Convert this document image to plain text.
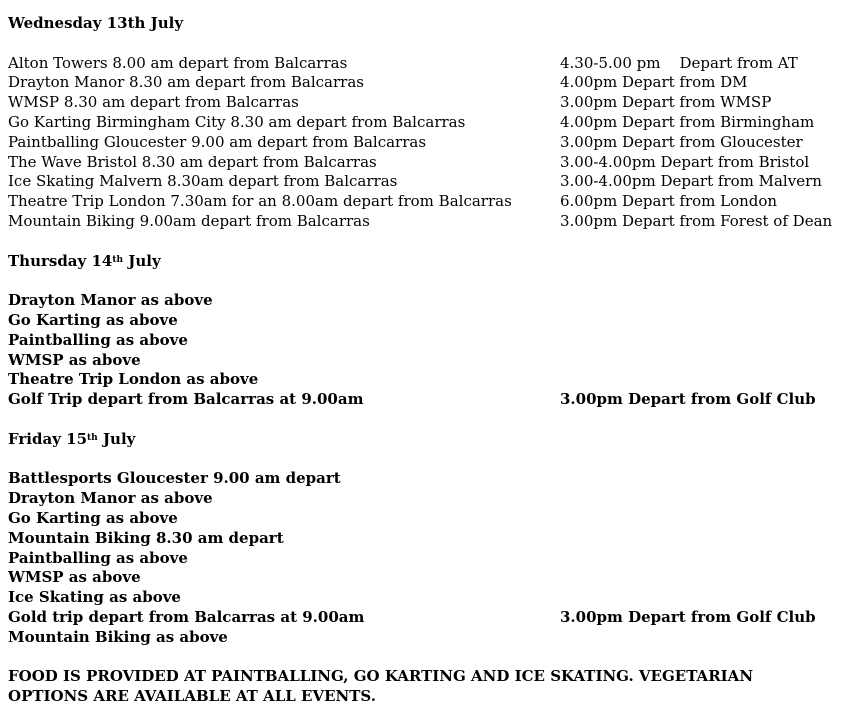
Wednesday 13th July
Alton Towers 8.00 am depart from Balcarras	4.30-5.00 pm    Depart from AT
Drayton Manor 8.30 am depart from Balcarras	4.00pm Depart from DM
WMSP 8.30 am depart from Balcarras	3.00pm Depart from WMSP
Go Karting Birmingham City 8.30 am depart from Balcarras	4.00pm Depart from Birmingham
Paintballing Gloucester 9.00 am depart from Balcarras	3.00pm Depart from Gloucester
The Wave Bristol 8.30 am depart from Balcarras	3.00-4.00pm Depart from Bristol
Ice Skating Malvern 8.30am depart from Balcarras	3.00-4.00pm Depart from Malvern
Theatre Trip London 7.30am for an 8.00am depart from Balcarras	6.00pm Depart from London
Mountain Biking 9.00am depart from Balcarras	3.00pm Depart from Forest of Dean
Thursday 14th July
Drayton Manor as above
Go Karting as above
Paintballing as above
WMSP as above
Theatre Trip London as above
Golf Trip depart from Balcarras at 9.00am	3.00pm Depart from Golf Club
Friday 15th July
Battlesports Gloucester 9.00 am depart
Drayton Manor as above
Go Karting as above
Mountain Biking 8.30 am depart
Paintballing as above
WMSP as above
Ice Skating as above
Gold trip depart from Balcarras at 9.00am	3.00pm Depart from Golf Club
Mountain Biking as above
FOOD IS PROVIDED AT PAINTBALLING, GO KARTING AND ICE SKATING. VEGETARIAN OPTIONS ARE AVAILABLE AT ALL EVENTS.
